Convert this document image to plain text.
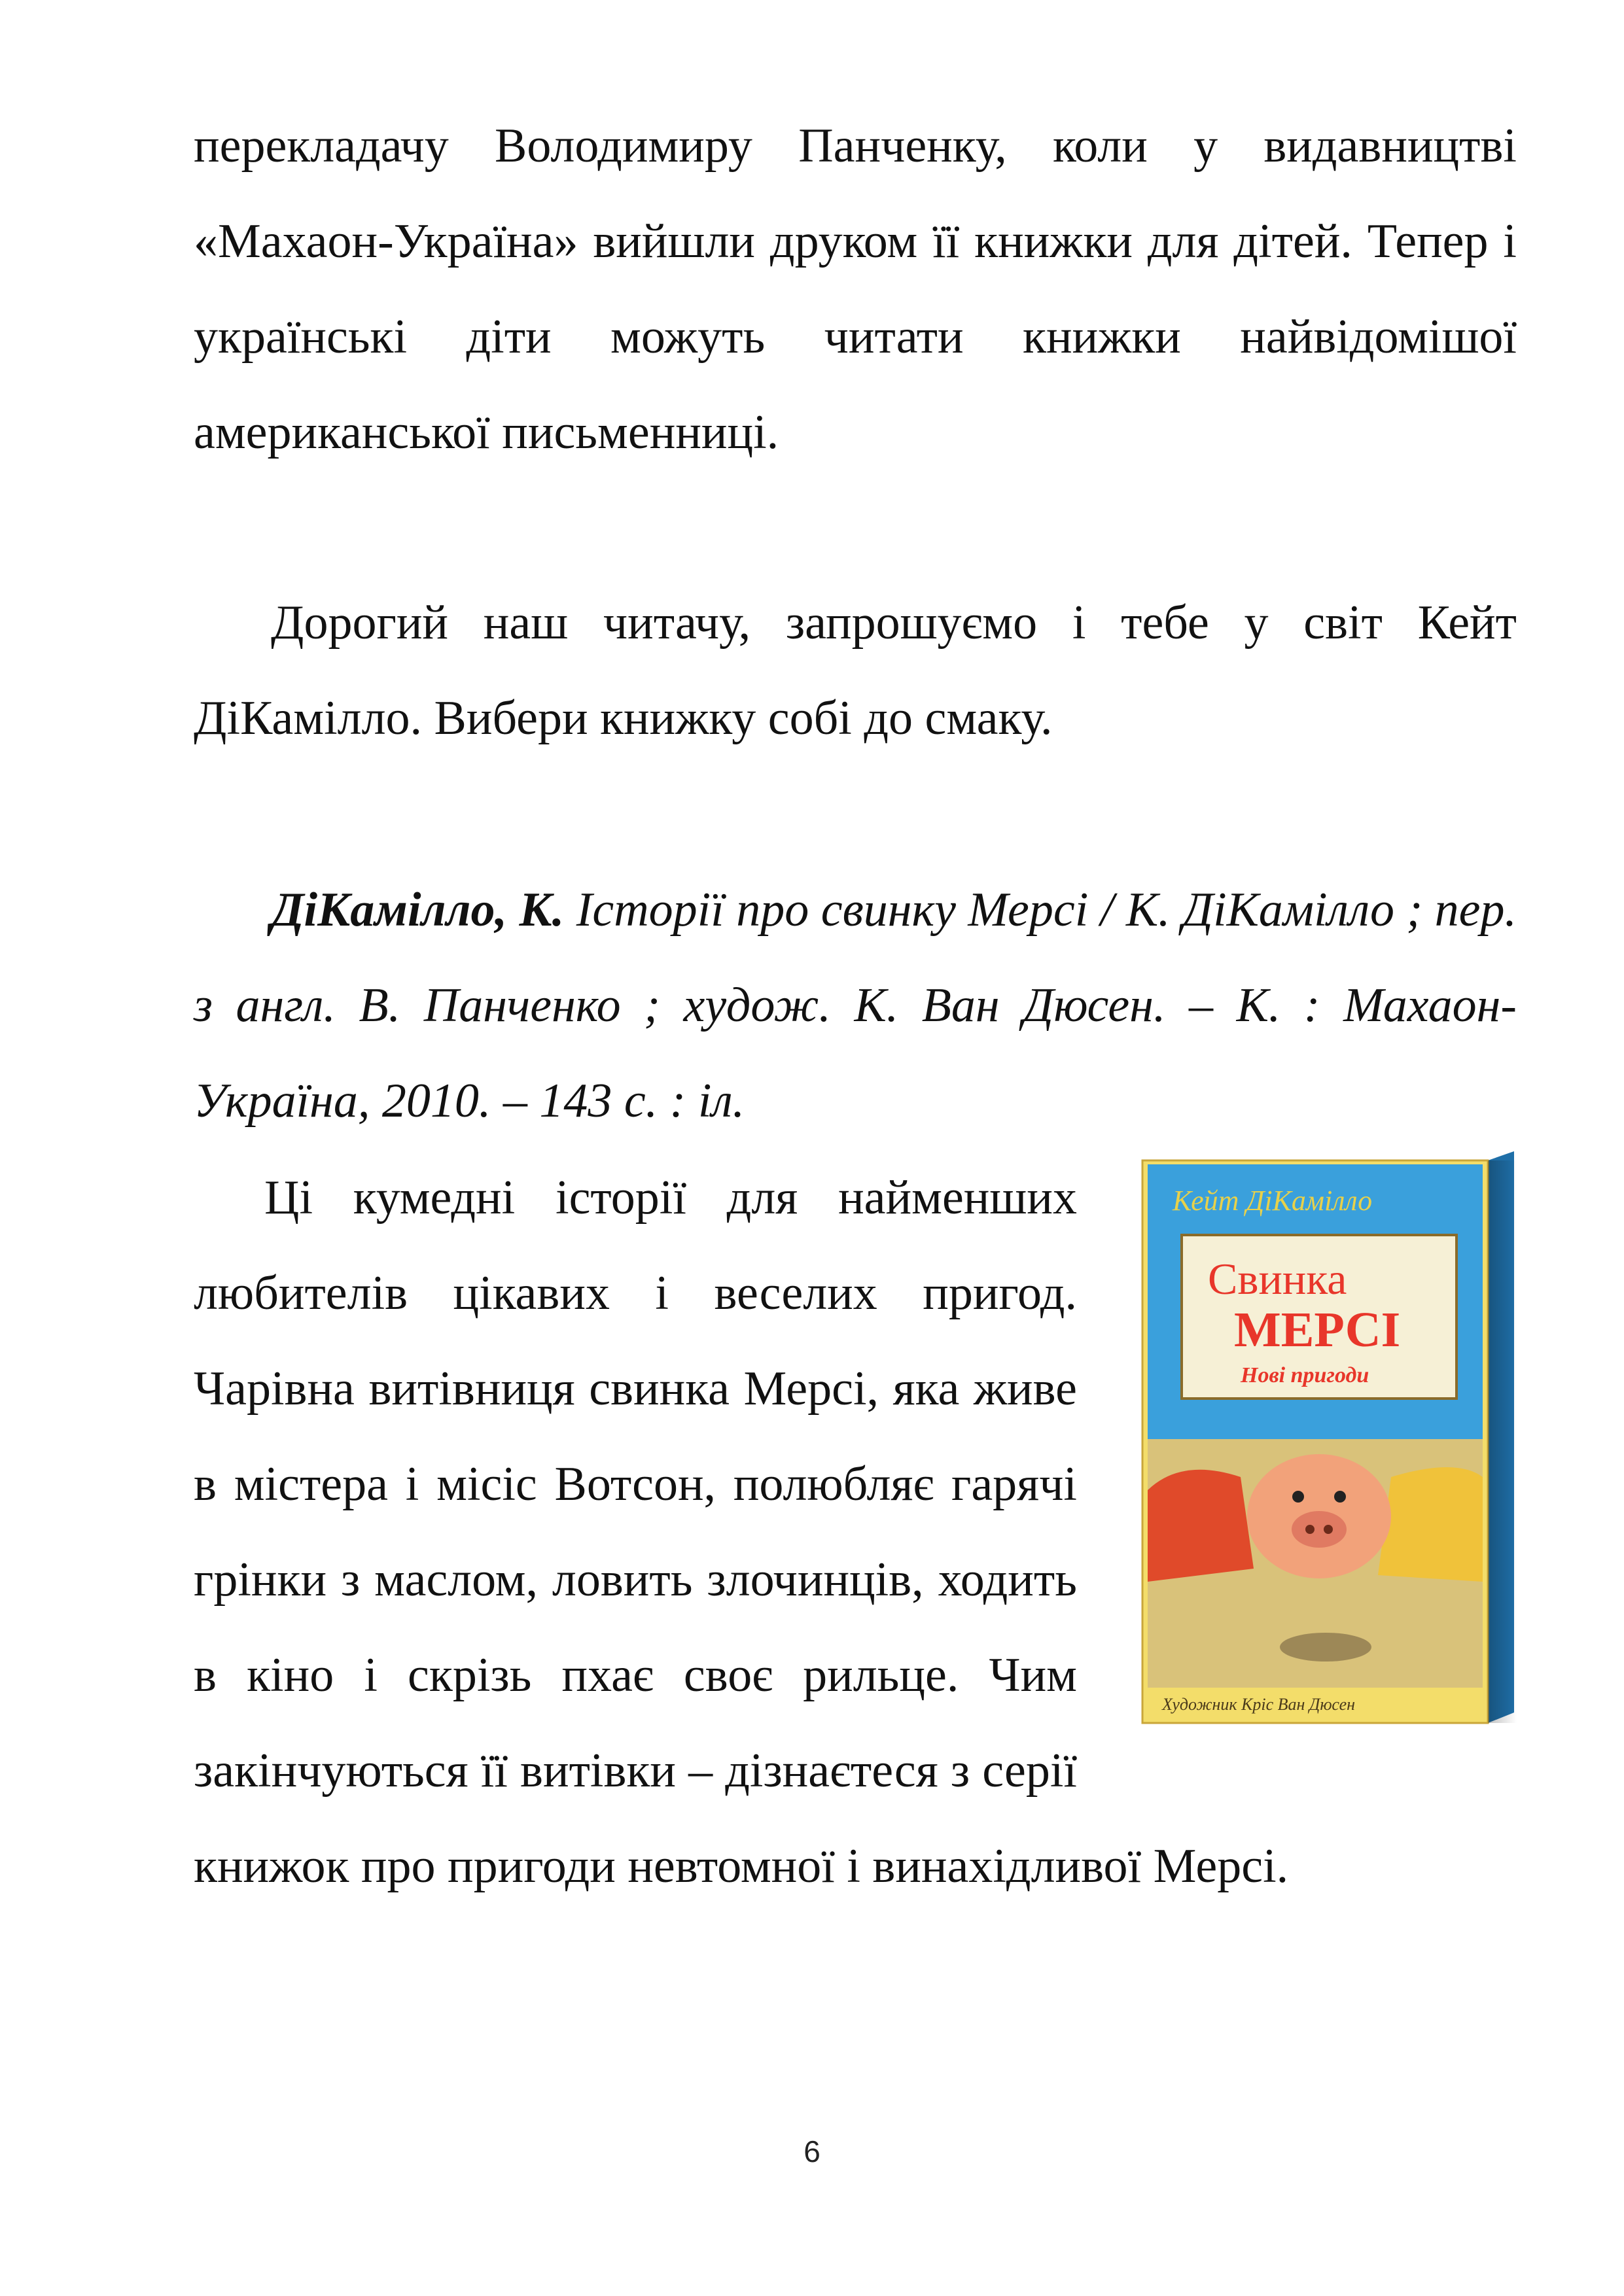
перекладачу Володимиру Панченку, коли у видавництві «Махаон-Україна» вийшли друком її книжки для дітей. Тепер і українські діти можуть читати книжки найвідомішої американської письменниці.

Дорогий наш читачу, запрошуємо і тебе у світ Кейт ДіКамілло. Вибери книжку собі до смаку.

ДіКамілло, К. Історії про свинку Мерсі / К. ДіКамілло ; пер. з англ. В. Панченко ; худож. К. Ван Дюсен. – К. : Махаон-Україна, 2010. – 143 с. : іл.

Кейт ДіКамілло
Свинка
МЕРСІ
Нові пригоди
Художник Кріс Ван Дюсен
Ці кумедні історії для найменших любителів цікавих і веселих пригод. Чарівна витівниця свинка Мерсі, яка живе в містера і місіс Вотсон, полюбляє гарячі грінки з маслом, ловить злочинців, ходить в кіно і скрізь пхає своє рильце. Чим закінчуються її витівки – дізнаєтеся з серії книжок про пригоди невтомної і винахідливої Мерсі.
6
